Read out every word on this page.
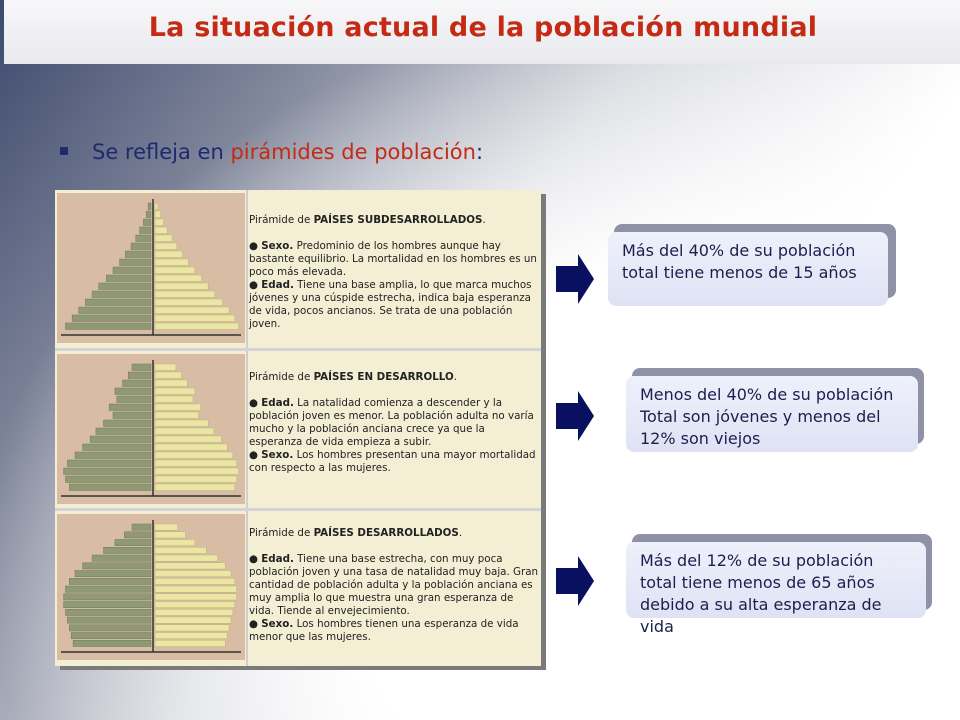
La situación actual de la población mundial
Se refleja en pirámides de población:

Pirámide de PAÍSES SUBDESARROLLADOS.

● Sexo. Predominio de los hombres aunque hay bastante equilibrio. La mortalidad en los hombres es un poco más elevada.

● Edad. Tiene una base amplia, lo que marca muchos jóvenes y una cúspide estrecha, indica baja esperanza de vida, pocos ancianos. Se trata de una población joven.

Pirámide de PAÍSES EN DESARROLLO.

● Edad. La natalidad comienza a descender y la población joven es menor. La población adulta no varía mucho y la población anciana crece ya que la esperanza de vida empieza a subir.

● Sexo. Los hombres presentan una mayor mortalidad con respecto a las mujeres.

Pirámide de PAÍSES DESARROLLADOS.

● Edad. Tiene una base estrecha, con muy poca población joven y una tasa de natalidad muy baja. Gran cantidad de población adulta y la población anciana es muy amplia lo que muestra una gran esperanza de vida. Tiende al envejecimiento.

● Sexo. Los hombres tienen una esperanza de vida menor que las mujeres.

Más del 40% de su población total tiene menos de 15 años
Menos del 40% de su población Total son jóvenes y menos del 12% son viejos
Más del 12% de su población total tiene menos de 65 años debido a su alta esperanza de vida
